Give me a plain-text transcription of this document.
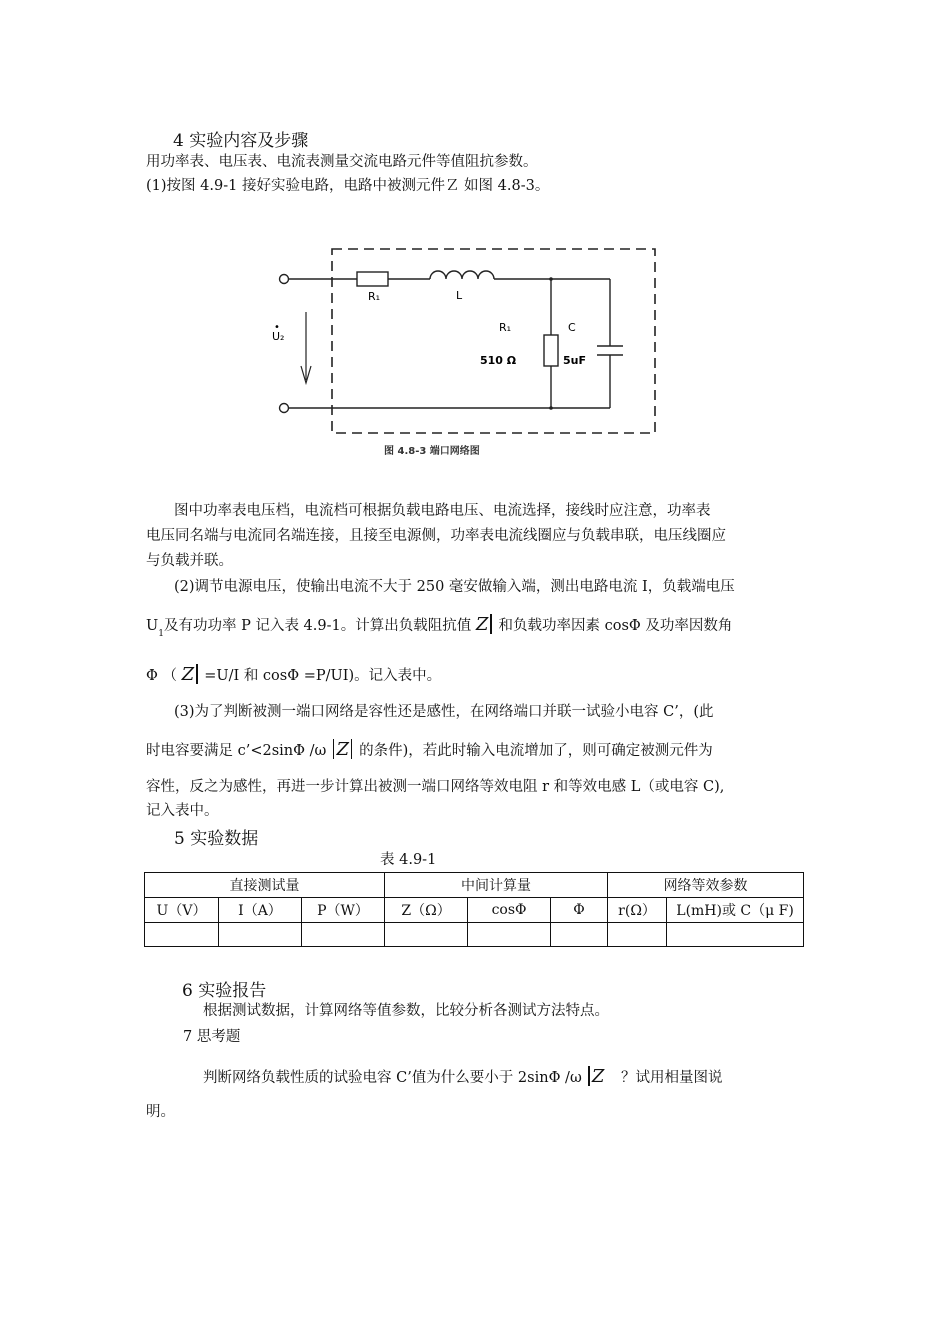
4 实验内容及步骤
用功率表、电压表、电流表测量交流电路元件等值阻抗参数。
(1)按图 4.9-1 接好实验电路，电路中被测元件Ｚ 如图 4.8-3。
•
U₂
R₁	L
R₁
510 Ω
C
5uF
图 4.8-3 端口网络图
图中功率表电压档，电流档可根据负载电路电压、电流选择，接线时应注意，功率表
电压同名端与电流同名端连接，且接至电源侧，功率表电流线圈应与负载串联，电压线圈应
与负载并联。
(2)调节电源电压，使输出电流不大于 250 毫安做输入端，测出电路电流 I，负载端电压
$U_1$及有功功率 P 记入表 4.9-1。计算出负载阻抗值 Z 和负载功率因素 cosΦ 及功率因数角
Φ （ Z =U/I 和 cosΦ =P/UI)。记入表中。
(3)为了判断被测一端口网络是容性还是感性，在网络端口并联一试验小电容 C’，(此
时电容要满足 c’<2sinΦ /ω Z 的条件)，若此时输入电流增加了，则可确定被测元件为
容性，反之为感性，再进一步计算出被测一端口网络等效电阻 r 和等效电感 L（或电容 C),
记入表中。
5 实验数据
表 4.9-1
直接测试量			中间计算量			网络等效参数	
U（V）	I（A）	P（W）	Z（Ω）	cosΦ	Φ	r(Ω）	L(mH)或 C（μ F)

6 实验报告
根据测试数据，计算网络等值参数，比较分析各测试方法特点。
7 思考题
判断网络负载性质的试验电容 C’值为什么要小于 2sinΦ /ω Z ？试用相量图说
明。
